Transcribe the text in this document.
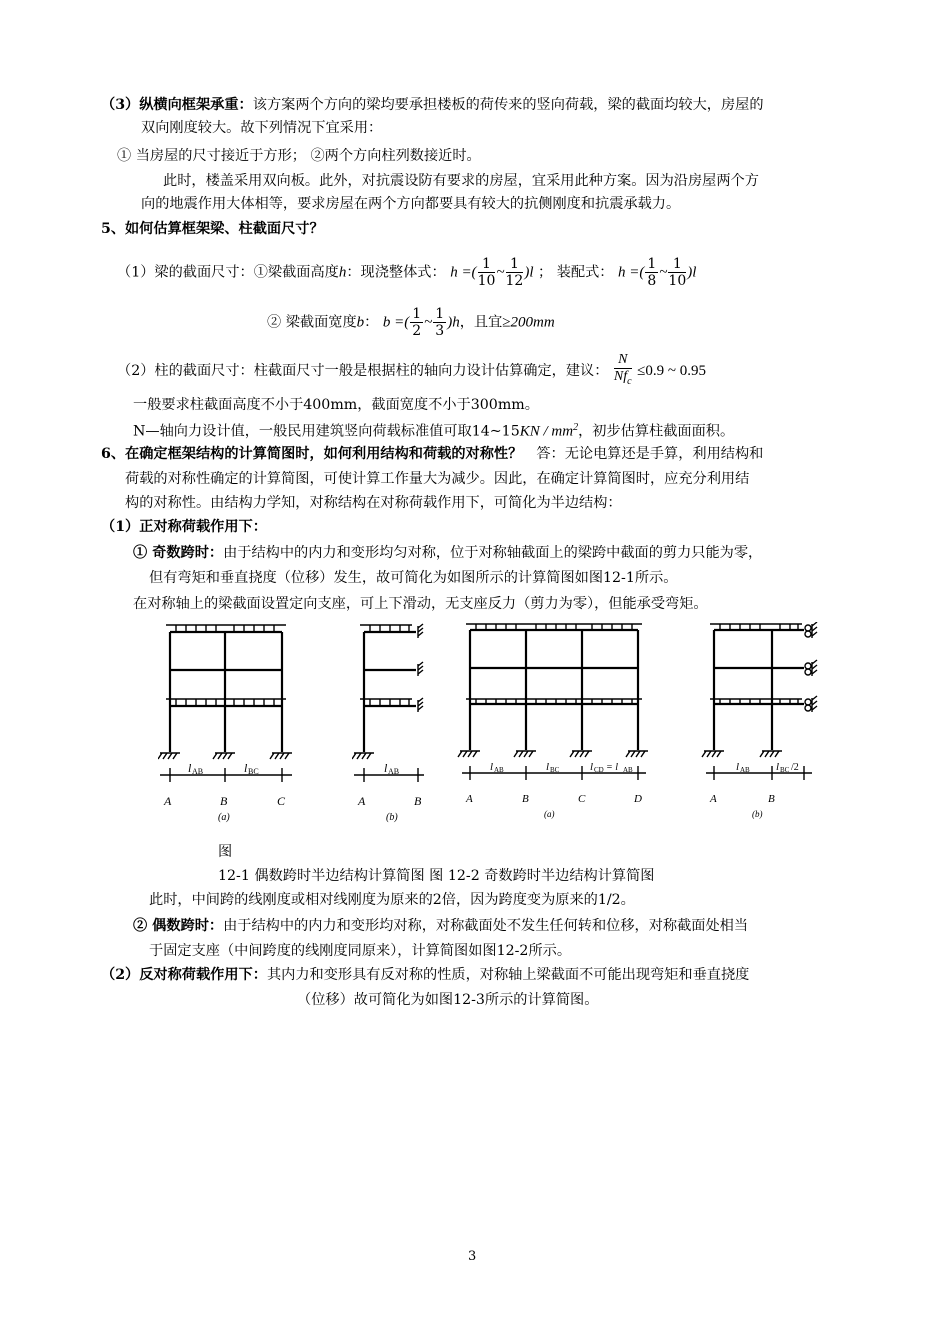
（3）纵横向框架承重：该方案两个方向的梁均要承担楼板的荷传来的竖向荷载，梁的截面均较大，房屋的
双向刚度较大。故下列情况下宜采用：
① 当房屋的尺寸接近于方形； ②两个方向柱列数接近时。
此时，楼盖采用双向板。此外，对抗震设防有要求的房屋，宜采用此种方案。因为沿房屋两个方
向的地震作用大体相等，要求房屋在两个方向都要具有较大的抗侧刚度和抗震承载力。
5、如何估算框架梁、柱截面尺寸？
（1）梁的截面尺寸：①梁截面高度h：现浇整体式： h =( $\frac{1}{10}$ ~ $\frac{1}{12} )l$ ； 装配式： h =( $\frac{1}{8}$ ~ $\frac{1}{10} )l$
② 梁截面宽度b： b =( $\frac{1}{2}$ ~ $\frac{1}{3} )h$，且宜≥200mm
（2）柱的截面尺寸：柱截面尺寸一般是根据柱的轴向力设计估算确定，建议： $\frac{N}{Nf_c} \le 0.9$ ~ 0.95
一般要求柱截面高度不小于400mm，截面宽度不小于300mm。
N—轴向力设计值，一般民用建筑竖向荷载标准值可取14~15KN / $mm^2$，初步估算柱截面面积。
6、在确定框架结构的计算简图时，如何利用结构和荷载的对称性？ 答：无论电算还是手算，利用结构和
荷载的对称性确定的计算简图，可使计算工作量大为减少。因此，在确定计算简图时，应充分利用结
构的对称性。由结构力学知，对称结构在对称荷载作用下，可简化为半边结构：
（1）正对称荷载作用下：
① 奇数跨时：由于结构中的内力和变形均匀对称，位于对称轴截面上的梁跨中截面的剪力只能为零，
但有弯矩和垂直挠度（位移）发生，故可简化为如图所示的计算简图如图12-1所示。
在对称轴上的梁截面设置定向支座，可上下滑动，无支座反力（剪力为零），但能承受弯矩。
l AB	l BC
A	B	C
(a)
l AB
A	B
(b)
l AB	l BC	l CD = l AB
A	B	C	D
(a)
l AB l BC /2
A	B
(b)
图
12-1 偶数跨时半边结构计算简图 图 12-2 奇数跨时半边结构计算简图
此时，中间跨的线刚度或相对线刚度为原来的2倍，因为跨度变为原来的1/2。
② 偶数跨时：由于结构中的内力和变形均对称，对称截面处不发生任何转和位移，对称截面处相当
于固定支座（中间跨度的线刚度同原来），计算简图如图12-2所示。
（2）反对称荷载作用下：其内力和变形具有反对称的性质，对称轴上梁截面不可能出现弯矩和垂直挠度
（位移）故可简化为如图12-3所示的计算简图。
3
